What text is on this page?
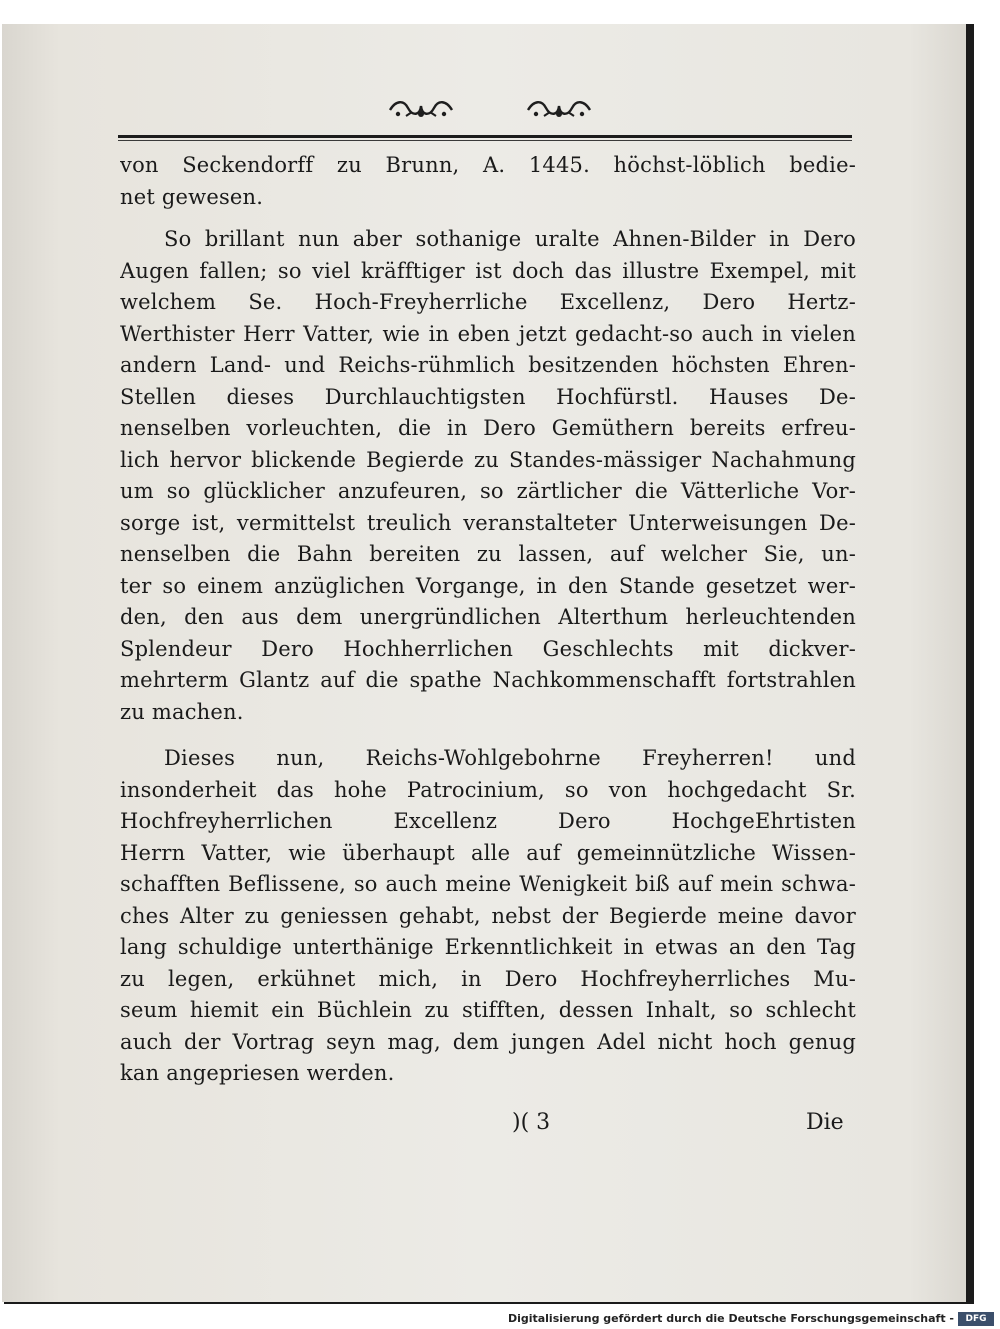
von Seckendorff zu Brunn, A. 1445. höchst-löblich bedie-
net gewesen.
So brillant nun aber sothanige uralte Ahnen-Bilder in Dero
Augen fallen; so viel kräfftiger ist doch das illustre Exempel, mit
welchem Se. Hoch-Freyherrliche Excellenz, Dero Hertz-
Werthister Herr Vatter, wie in eben jetzt gedacht-so auch in vielen
andern Land- und Reichs-rühmlich besitzenden höchsten Ehren-
Stellen dieses Durchlauchtigsten Hochfürstl. Hauses De-
nenselben vorleuchten, die in Dero Gemüthern bereits erfreu-
lich hervor blickende Begierde zu Standes-mässiger Nachahmung
um so glücklicher anzufeuren, so zärtlicher die Vätterliche Vor-
sorge ist, vermittelst treulich veranstalteter Unterweisungen De-
nenselben die Bahn bereiten zu lassen, auf welcher Sie, un-
ter so einem anzüglichen Vorgange, in den Stande gesetzet wer-
den, den aus dem unergründlichen Alterthum herleuchtenden
Splendeur Dero Hochherrlichen Geschlechts mit dickver-
mehrterm Glantz auf die spathe Nachkommenschafft fortstrahlen
zu machen.
Dieses nun, Reichs-Wohlgebohrne Freyherren! und
insonderheit das hohe Patrocinium, so von hochgedacht Sr.
Hochfreyherrlichen Excellenz Dero HochgeEhrtisten
Herrn Vatter, wie überhaupt alle auf gemeinnützliche Wissen-
schafften Beflissene, so auch meine Wenigkeit biß auf mein schwa-
ches Alter zu geniessen gehabt, nebst der Begierde meine davor
lang schuldige unterthänige Erkenntlichkeit in etwas an den Tag
zu legen, erkühnet mich, in Dero Hochfreyherrliches Mu-
seum hiemit ein Büchlein zu stifften, dessen Inhalt, so schlecht
auch der Vortrag seyn mag, dem jungen Adel nicht hoch genug
kan angepriesen werden.
)( 3	Die
Digitalisierung gefördert durch die Deutsche Forschungsgemeinschaft -	DFG
